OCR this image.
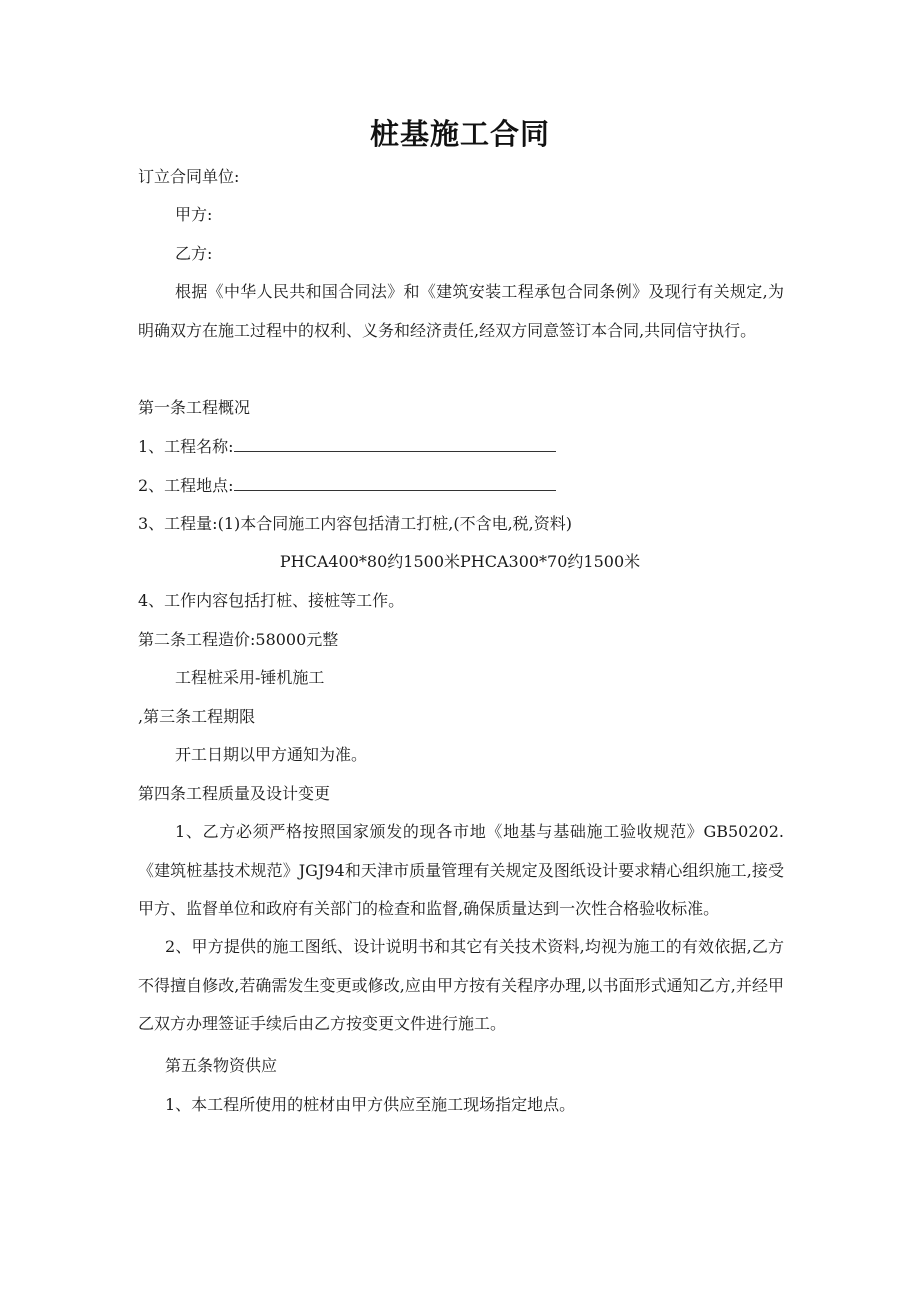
桩基施工合同
订立合同单位:
甲方:
乙方:
根据《中华人民共和国合同法》和《建筑安装工程承包合同条例》及现行有关规定,为明确双方在施工过程中的权利、义务和经济责任,经双方同意签订本合同,共同信守执行。
第一条工程概况
1、工程名称:
2、工程地点:
3、工程量:(1)本合同施工内容包括清工打桩,(不含电,税,资料)
PHCA400*80约1500米PHCA300*70约1500米
4、工作内容包括打桩、接桩等工作。
第二条工程造价:58000元整
工程桩采用-锤机施工
,第三条工程期限
开工日期以甲方通知为准。
第四条工程质量及设计变更
1、乙方必须严格按照国家颁发的现各市地《地基与基础施工验收规范》GB50202.《建筑桩基技术规范》JGJ94和天津市质量管理有关规定及图纸设计要求精心组织施工,接受甲方、监督单位和政府有关部门的检查和监督,确保质量达到一次性合格验收标准。
2、甲方提供的施工图纸、设计说明书和其它有关技术资料,均视为施工的有效依据,乙方不得擅自修改,若确需发生变更或修改,应由甲方按有关程序办理,以书面形式通知乙方,并经甲乙双方办理签证手续后由乙方按变更文件进行施工。
第五条物资供应
1、本工程所使用的桩材由甲方供应至施工现场指定地点。
